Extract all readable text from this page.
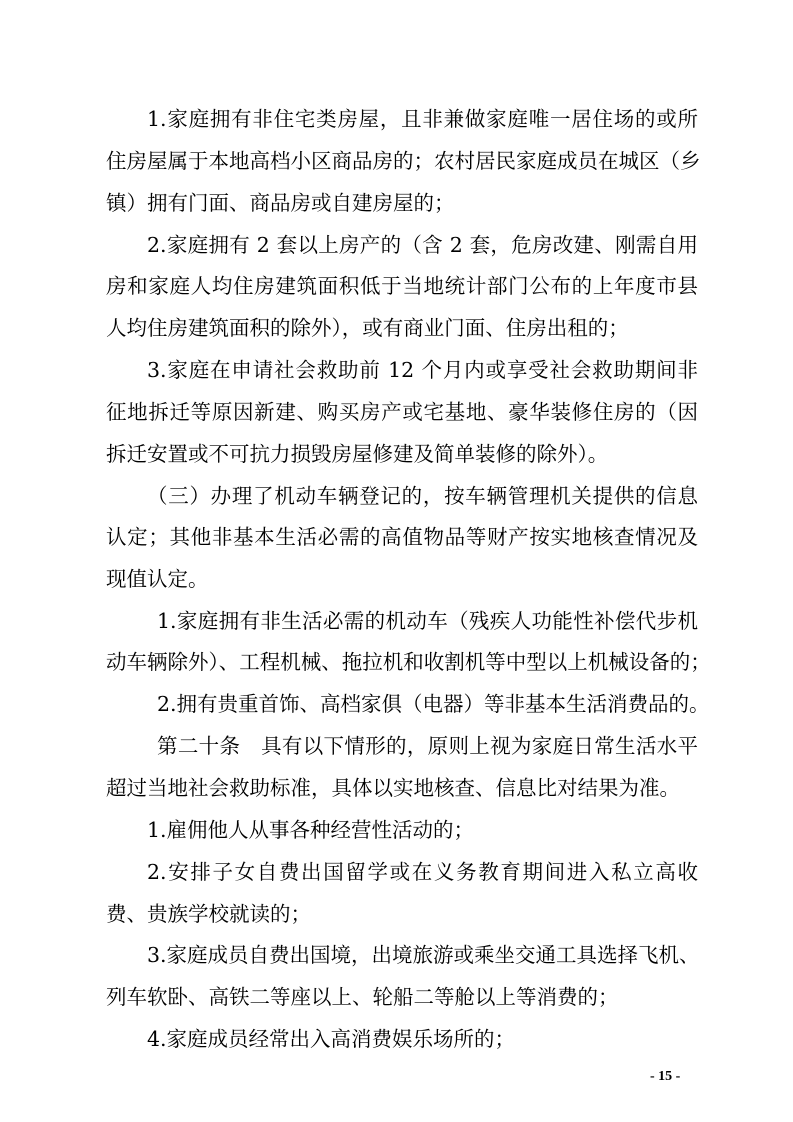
1.家庭拥有非住宅类房屋，且非兼做家庭唯一居住场的或所
住房屋属于本地高档小区商品房的；农村居民家庭成员在城区（乡
镇）拥有门面、商品房或自建房屋的；
2.家庭拥有 2 套以上房产的（含 2 套，危房改建、刚需自用
房和家庭人均住房建筑面积低于当地统计部门公布的上年度市县
人均住房建筑面积的除外），或有商业门面、住房出租的；
3.家庭在申请社会救助前 12 个月内或享受社会救助期间非
征地拆迁等原因新建、购买房产或宅基地、豪华装修住房的（因
拆迁安置或不可抗力损毁房屋修建及简单装修的除外）。
（三）办理了机动车辆登记的，按车辆管理机关提供的信息
认定；其他非基本生活必需的高值物品等财产按实地核查情况及
现值认定。
1.家庭拥有非生活必需的机动车（残疾人功能性补偿代步机
动车辆除外）、工程机械、拖拉机和收割机等中型以上机械设备的；
2.拥有贵重首饰、高档家俱（电器）等非基本生活消费品的。
第二十条　具有以下情形的，原则上视为家庭日常生活水平
超过当地社会救助标准，具体以实地核查、信息比对结果为准。
1.雇佣他人从事各种经营性活动的；
2.安排子女自费出国留学或在义务教育期间进入私立高收
费、贵族学校就读的；
3.家庭成员自费出国境，出境旅游或乘坐交通工具选择飞机、
列车软卧、高铁二等座以上、轮船二等舱以上等消费的；
4.家庭成员经常出入高消费娱乐场所的；
- 15 -
